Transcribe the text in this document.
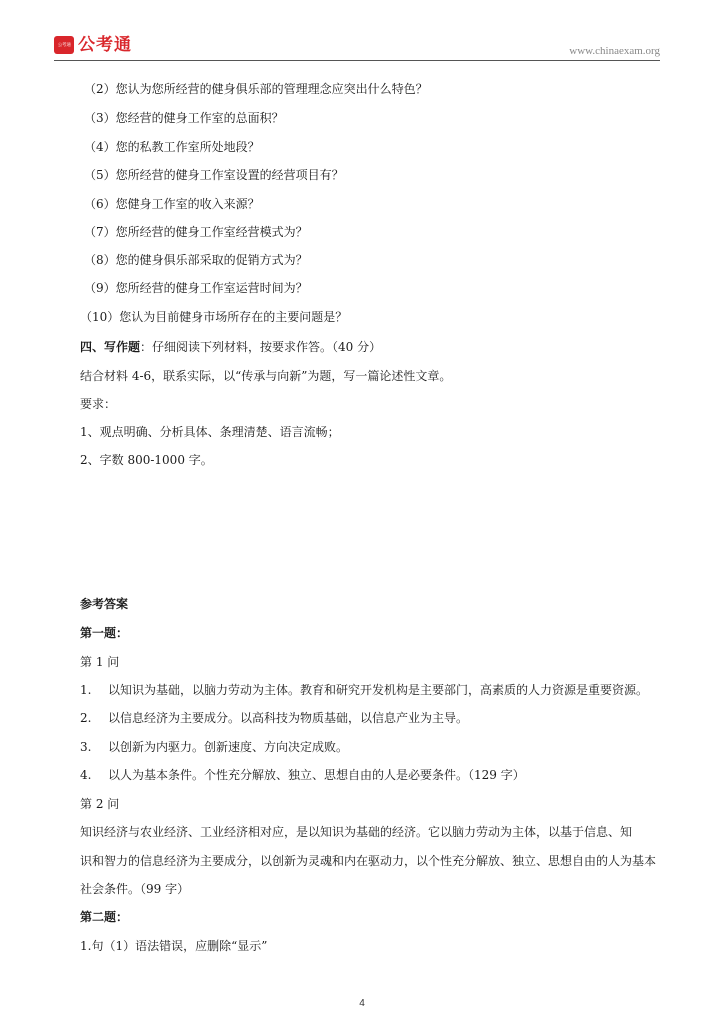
公考通 公考通	www.chinaexam.org
（2）您认为您所经营的健身俱乐部的管理理念应突出什么特色？
（3）您经营的健身工作室的总面积？
（4）您的私教工作室所处地段？
（5）您所经营的健身工作室设置的经营项目有？
（6）您健身工作室的收入来源？
（7）您所经营的健身工作室经营模式为？
（8）您的健身俱乐部采取的促销方式为？
（9）您所经营的健身工作室运营时间为？
（10）您认为目前健身市场所存在的主要问题是？
四、写作题：仔细阅读下列材料，按要求作答。（40 分）
结合材料 4-6，联系实际，以“传承与向新”为题，写一篇论述性文章。
要求：
1、观点明确、分析具体、条理清楚、语言流畅；
2、字数 800-1000 字。
参考答案
第一题：
第 1 问
1. 以知识为基础，以脑力劳动为主体。教育和研究开发机构是主要部门，高素质的人力资源是重要资源。
2. 以信息经济为主要成分。以高科技为物质基础，以信息产业为主导。
3. 以创新为内驱力。创新速度、方向决定成败。
4. 以人为基本条件。个性充分解放、独立、思想自由的人是必要条件。（129 字）
第 2 问
知识经济与农业经济、工业经济相对应，是以知识为基础的经济。它以脑力劳动为主体，以基于信息、知
识和智力的信息经济为主要成分，以创新为灵魂和内在驱动力，以个性充分解放、独立、思想自由的人为基本
社会条件。（99 字）
第二题：
1.句（1）语法错误，应删除“显示”
4
